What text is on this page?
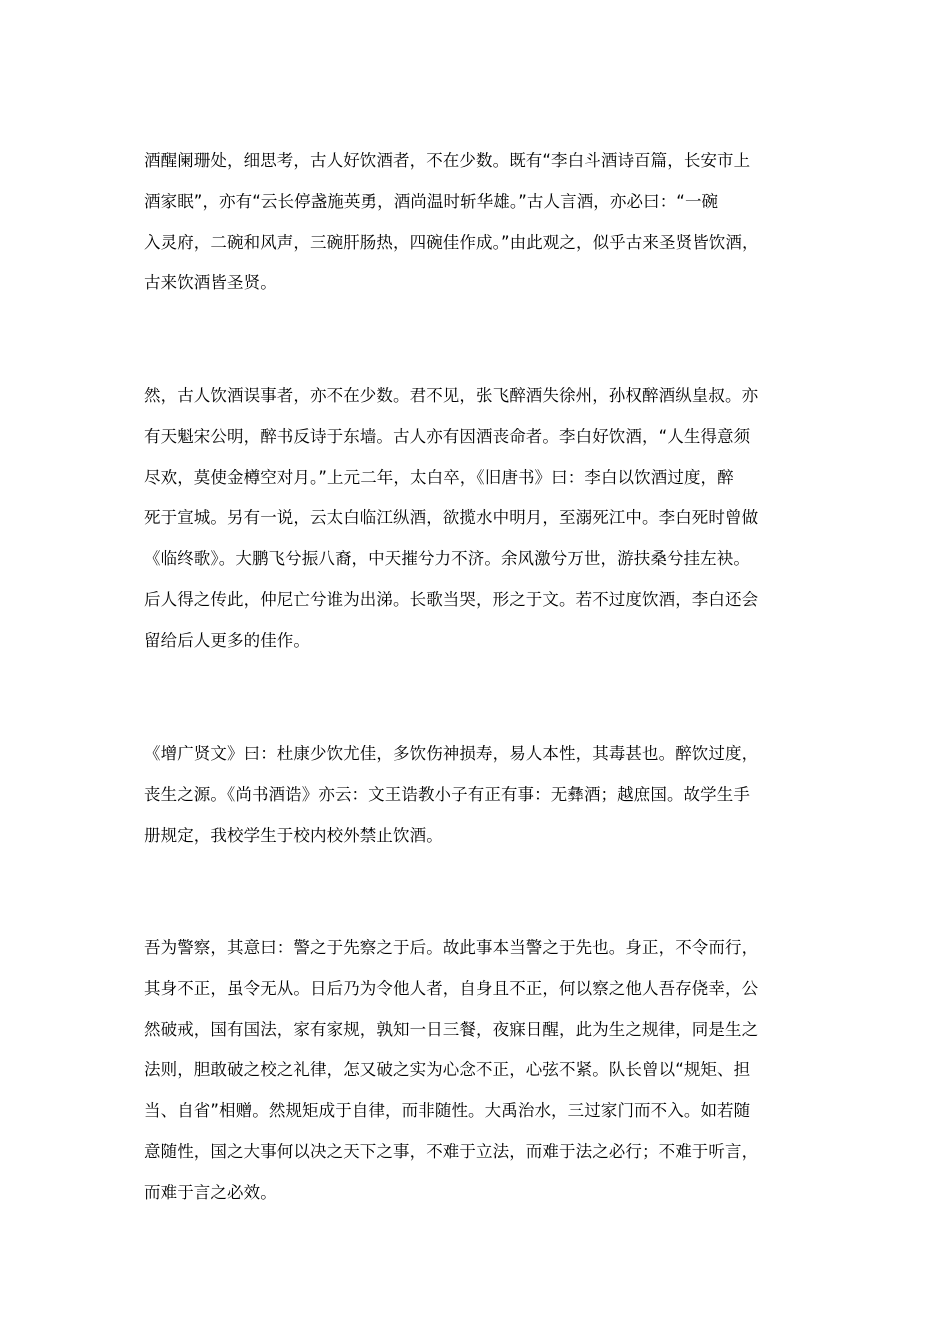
酒醒阑珊处，细思考，古人好饮酒者，不在少数。既有“李白斗酒诗百篇，长安市上
酒家眠”，亦有“云长停盏施英勇，酒尚温时斩华雄。”古人言酒，亦必曰：“一碗
入灵府，二碗和风声，三碗肝肠热，四碗佳作成。”由此观之，似乎古来圣贤皆饮酒，
古来饮酒皆圣贤。

然，古人饮酒误事者，亦不在少数。君不见，张飞醉酒失徐州，孙权醉酒纵皇叔。亦
有天魁宋公明，醉书反诗于东墙。古人亦有因酒丧命者。李白好饮酒，“人生得意须
尽欢，莫使金樽空对月。”上元二年，太白卒，《旧唐书》曰：李白以饮酒过度，醉
死于宣城。另有一说，云太白临江纵酒，欲揽水中明月，至溺死江中。李白死时曾做
《临终歌》。大鹏飞兮振八裔，中天摧兮力不济。余风激兮万世，游扶桑兮挂左袂。
后人得之传此，仲尼亡兮谁为出涕。长歌当哭，形之于文。若不过度饮酒，李白还会
留给后人更多的佳作。

《增广贤文》曰：杜康少饮尤佳，多饮伤神损寿，易人本性，其毒甚也。醉饮过度，
丧生之源。《尚书酒诰》亦云：文王诰教小子有正有事：无彝酒；越庶国。故学生手
册规定，我校学生于校内校外禁止饮酒。

吾为警察，其意曰：警之于先察之于后。故此事本当警之于先也。身正，不令而行，
其身不正，虽令无从。日后乃为令他人者，自身且不正，何以察之他人吾存侥幸，公
然破戒，国有国法，家有家规，孰知一日三餐，夜寐日醒，此为生之规律，同是生之
法则，胆敢破之校之礼律，怎又破之实为心念不正，心弦不紧。队长曾以“规矩、担
当、自省”相赠。然规矩成于自律，而非随性。大禹治水，三过家门而不入。如若随
意随性，国之大事何以决之天下之事，不难于立法，而难于法之必行；不难于听言，
而难于言之必效。
